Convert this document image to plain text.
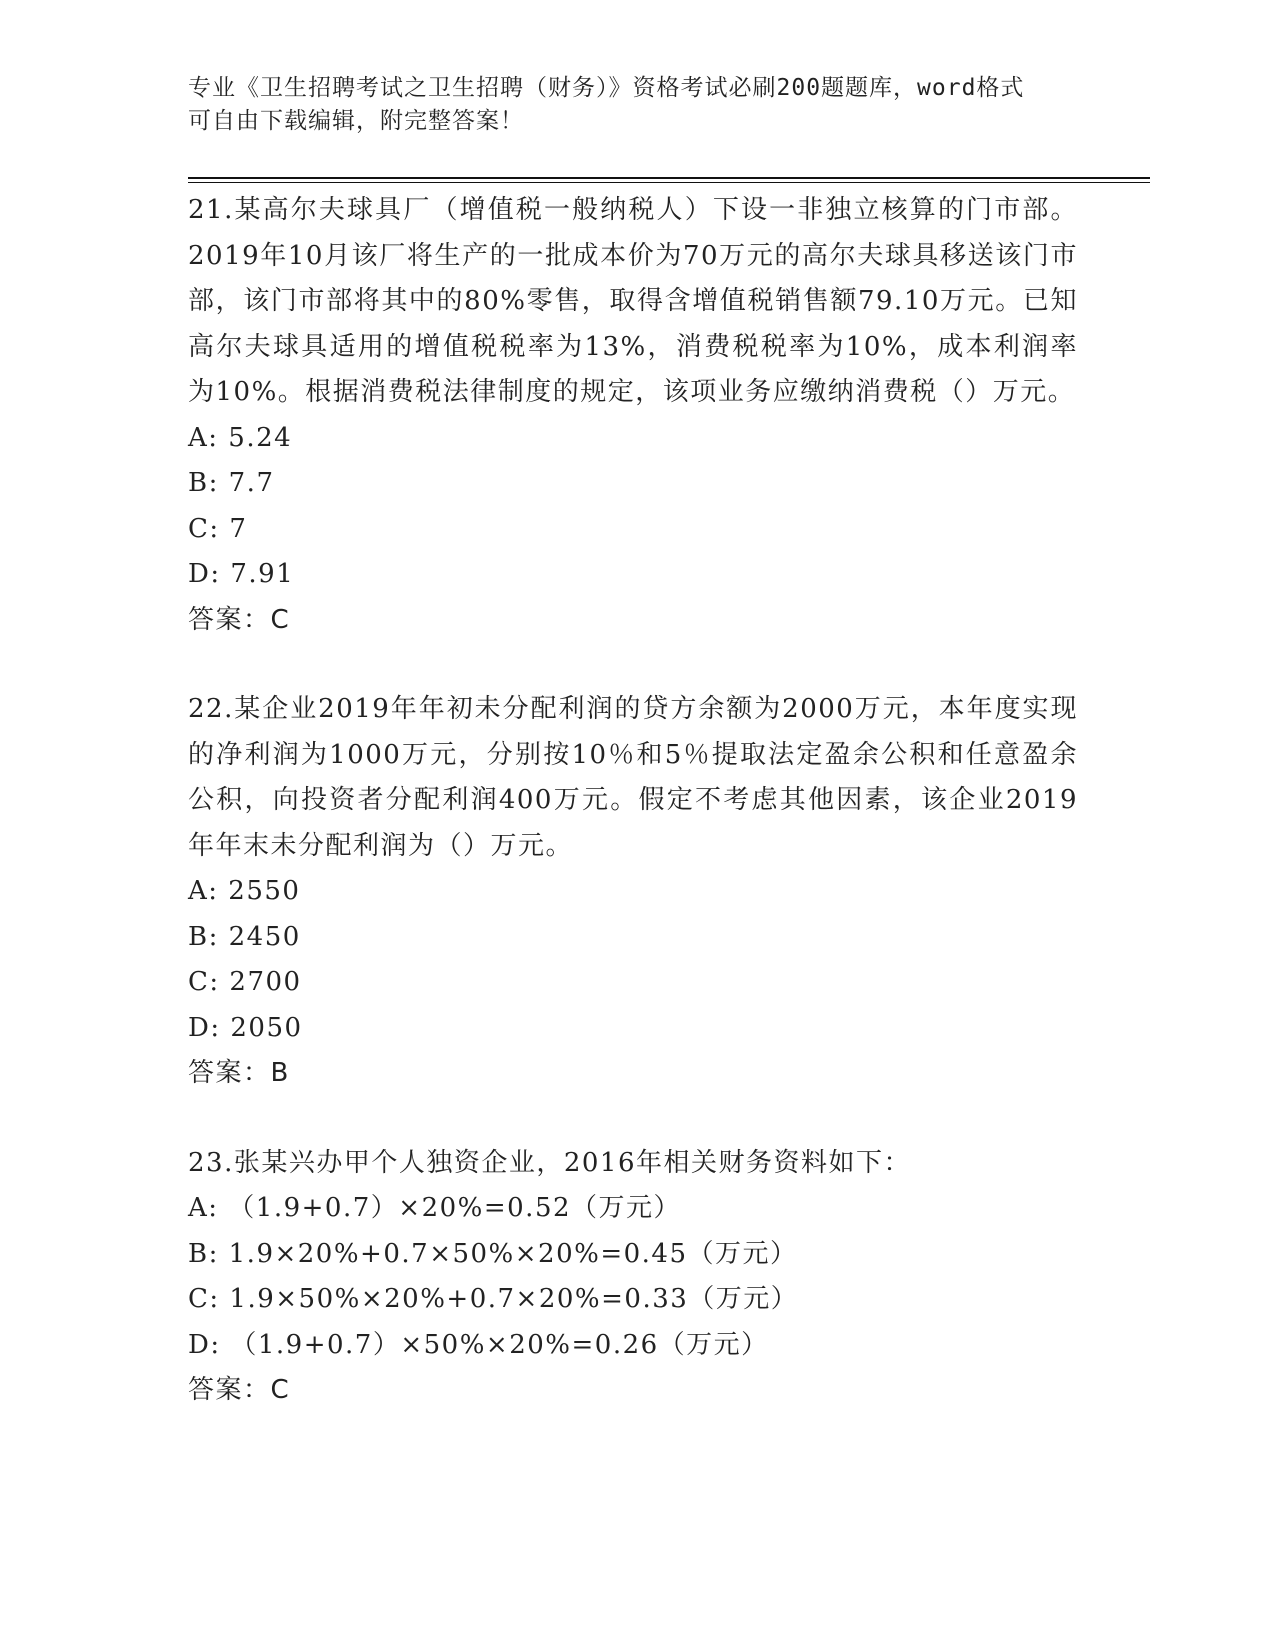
专业《卫生招聘考试之卫生招聘（财务）》资格考试必刷200题题库，word格式
可自由下载编辑，附完整答案！

21.某高尔夫球具厂（增值税一般纳税人）下设一非独立核算的门市部。2019年10月该厂将生产的一批成本价为70万元的高尔夫球具移送该门市部，该门市部将其中的80%零售，取得含增值税销售额79.10万元。已知高尔夫球具适用的增值税税率为13%，消费税税率为10%，成本利润率为10%。根据消费税法律制度的规定，该项业务应缴纳消费税（）万元。

A: 5.24

B: 7.7

C: 7

D: 7.91

答案：C

22.某企业2019年年初未分配利润的贷方余额为2000万元，本年度实现的净利润为1000万元，分别按10％和5％提取法定盈余公积和任意盈余公积，向投资者分配利润400万元。假定不考虑其他因素，该企业2019年年末未分配利润为（）万元。

A: 2550

B: 2450

C: 2700

D: 2050

答案：B

23.张某兴办甲个人独资企业，2016年相关财务资料如下：

A: （1.9+0.7）×20%=0.52（万元）

B: 1.9×20%+0.7×50%×20%=0.45（万元）

C: 1.9×50%×20%+0.7×20%=0.33（万元）

D: （1.9+0.7）×50%×20%=0.26（万元）

答案：C
